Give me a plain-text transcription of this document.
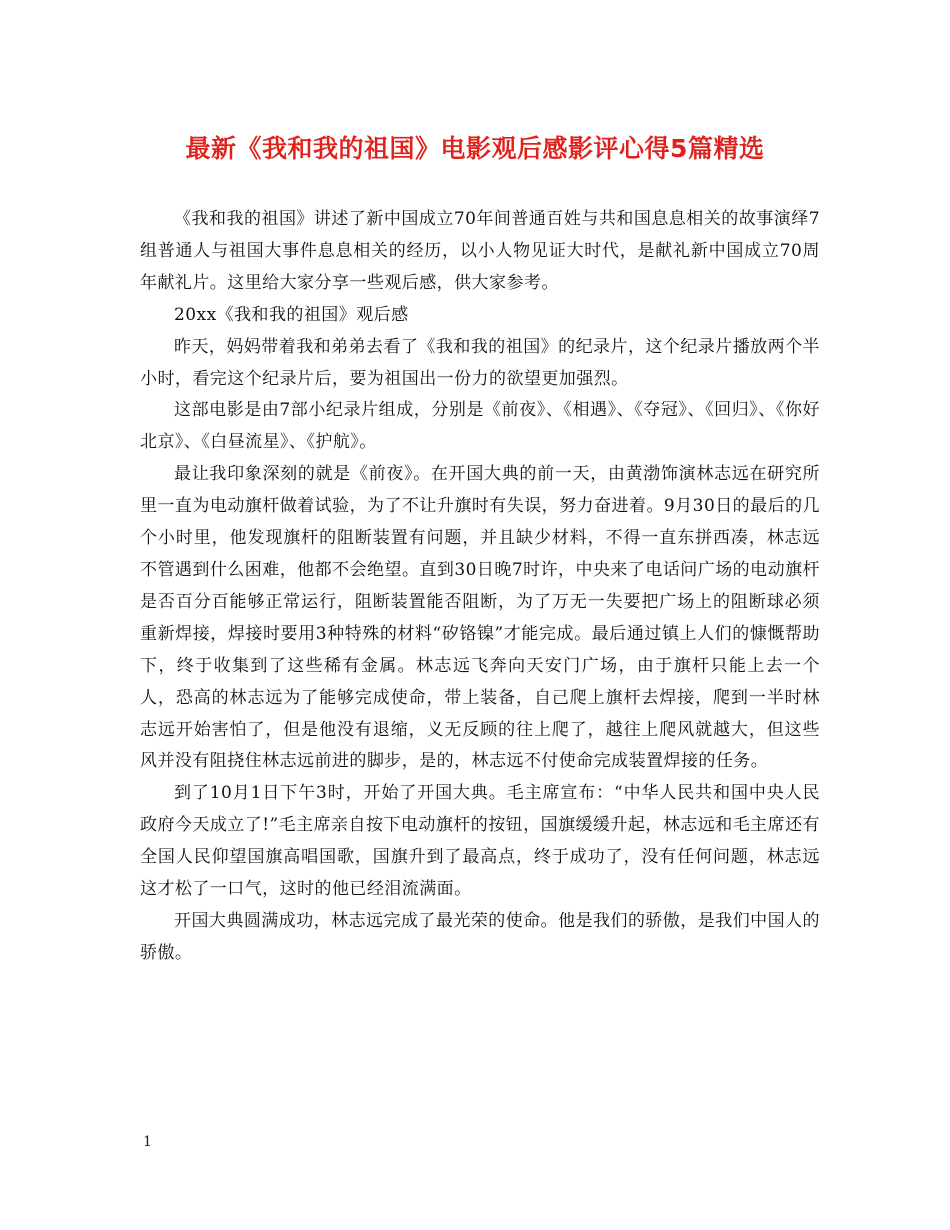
最新《我和我的祖国》电影观后感影评心得5篇精选

《我和我的祖国》讲述了新中国成立70年间普通百姓与共和国息息相关的故事演绎7组普通人与祖国大事件息息相关的经历，以小人物见证大时代，是献礼新中国成立70周年献礼片。这里给大家分享一些观后感，供大家参考。

20xx《我和我的祖国》观后感

昨天，妈妈带着我和弟弟去看了《我和我的祖国》的纪录片，这个纪录片播放两个半小时，看完这个纪录片后，要为祖国出一份力的欲望更加强烈。

这部电影是由7部小纪录片组成，分别是《前夜》、《相遇》、《夺冠》、《回归》、《你好北京》、《白昼流星》、《护航》。

最让我印象深刻的就是《前夜》。在开国大典的前一天，由黄渤饰演林志远在研究所里一直为电动旗杆做着试验，为了不让升旗时有失误，努力奋进着。9月30日的最后的几个小时里，他发现旗杆的阻断装置有问题，并且缺少材料，不得一直东拼西凑，林志远不管遇到什么困难，他都不会绝望。直到30日晚7时许，中央来了电话问广场的电动旗杆是否百分百能够正常运行，阻断装置能否阻断，为了万无一失要把广场上的阻断球必须重新焊接，焊接时要用3种特殊的材料“矽铬镍”才能完成。最后通过镇上人们的慷慨帮助下，终于收集到了这些稀有金属。林志远飞奔向天安门广场，由于旗杆只能上去一个人，恐高的林志远为了能够完成使命，带上装备，自己爬上旗杆去焊接，爬到一半时林志远开始害怕了，但是他没有退缩，义无反顾的往上爬了，越往上爬风就越大，但这些风并没有阻挠住林志远前进的脚步，是的，林志远不付使命完成装置焊接的任务。

到了10月1日下午3时，开始了开国大典。毛主席宣布：“中华人民共和国中央人民政府今天成立了!”毛主席亲自按下电动旗杆的按钮，国旗缓缓升起，林志远和毛主席还有全国人民仰望国旗高唱国歌，国旗升到了最高点，终于成功了，没有任何问题，林志远这才松了一口气，这时的他已经泪流满面。

开国大典圆满成功，林志远完成了最光荣的使命。他是我们的骄傲，是我们中国人的骄傲。

1
